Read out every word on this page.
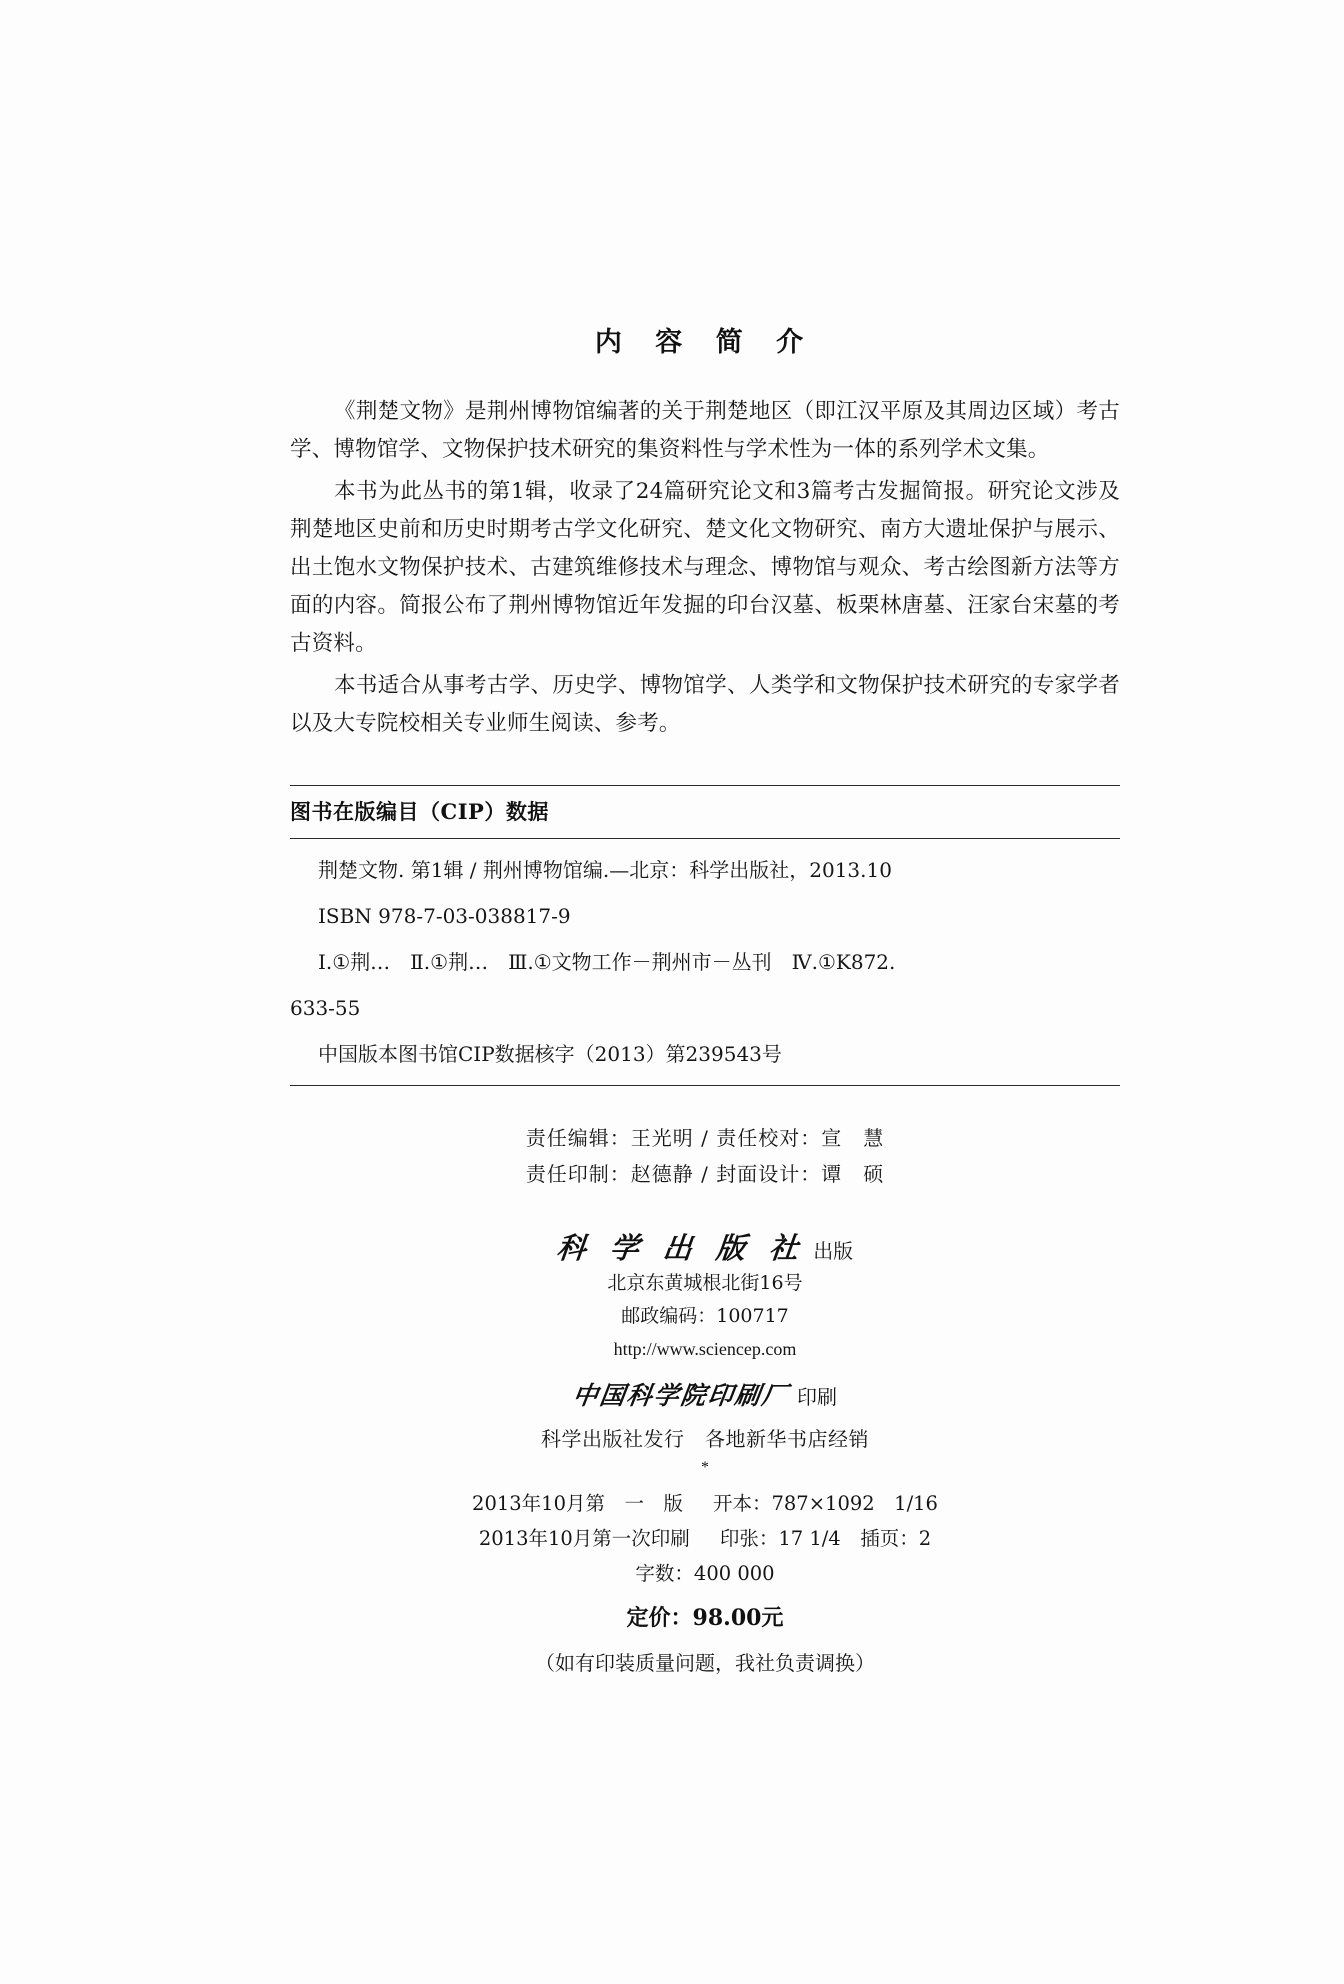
内 容 简 介

《荆楚文物》是荆州博物馆编著的关于荆楚地区（即江汉平原及其周边区域）考古学、博物馆学、文物保护技术研究的集资料性与学术性为一体的系列学术文集。

本书为此丛书的第1辑，收录了24篇研究论文和3篇考古发掘简报。研究论文涉及荆楚地区史前和历史时期考古学文化研究、楚文化文物研究、南方大遗址保护与展示、出土饱水文物保护技术、古建筑维修技术与理念、博物馆与观众、考古绘图新方法等方面的内容。简报公布了荆州博物馆近年发掘的印台汉墓、板栗林唐墓、汪家台宋墓的考古资料。

本书适合从事考古学、历史学、博物馆学、人类学和文物保护技术研究的专家学者以及大专院校相关专业师生阅读、参考。

图书在版编目（CIP）数据

荆楚文物. 第1辑 / 荆州博物馆编.—北京：科学出版社，2013.10

ISBN 978-7-03-038817-9

Ⅰ.①荆…　Ⅱ.①荆…　Ⅲ.①文物工作－荆州市－丛刊　Ⅳ.①K872.

633-55

中国版本图书馆CIP数据核字（2013）第239543号

责任编辑：王光明 / 责任校对：宣　慧
责任印制：赵德静 / 封面设计：谭　硕
科 学 出 版 社 出版
北京东黄城根北街16号
邮政编码：100717
http://www.sciencep.com
中国科学院印刷厂 印刷
科学出版社发行　各地新华书店经销
*
2013年10月第　一　版 开本：787×1092　1/16
2013年10月第一次印刷 印张：17 1/4　插页：2
字数：400 000
定价：98.00元
（如有印装质量问题，我社负责调换）
